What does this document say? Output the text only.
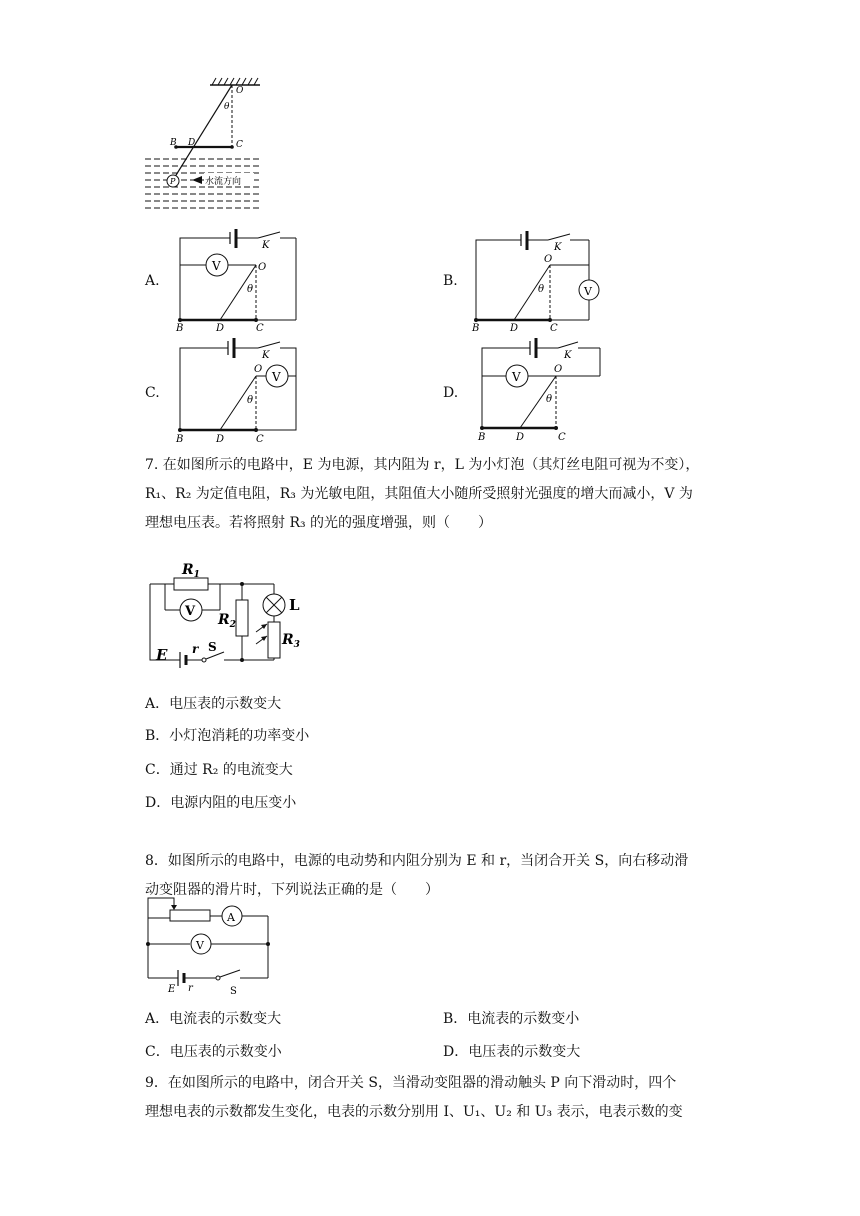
P	水流方向
O
θ
B D	C
A.
V
K
O
θ
B	D	C
B.
V
K
O
θ
B	D	C
C.
V
K
O
θ
B	D	C
D.
V
K
O
θ
B	D	C
7. 在如图所示的电路中，E 为电源，其内阻为 r，L 为小灯泡（其灯丝电阻可视为不变），
R₁、R₂ 为定值电阻，R₃ 为光敏电阻，其阻值大小随所受照射光强度的增大而减小，V 为
理想电压表。若将照射 R₃ 的光的强度增强，则（　　）
V
$R_1$
$R_2$
L
$R_3$
E r S
A．电压表的示数变大
B．小灯泡消耗的功率变小
C．通过 R₂ 的电流变大
D．电源内阻的电压变小
8．如图所示的电路中，电源的电动势和内阻分别为 E 和 r，当闭合开关 S，向右移动滑
动变阻器的滑片时，下列说法正确的是（　　）
A
V
E r	S
A．电流表的示数变大	B．电流表的示数变小
C．电压表的示数变小	D．电压表的示数变大
9．在如图所示的电路中，闭合开关 S，当滑动变阻器的滑动触头 P 向下滑动时，四个
理想电表的示数都发生变化，电表的示数分别用 I、U₁、U₂ 和 U₃ 表示，电表示数的变
